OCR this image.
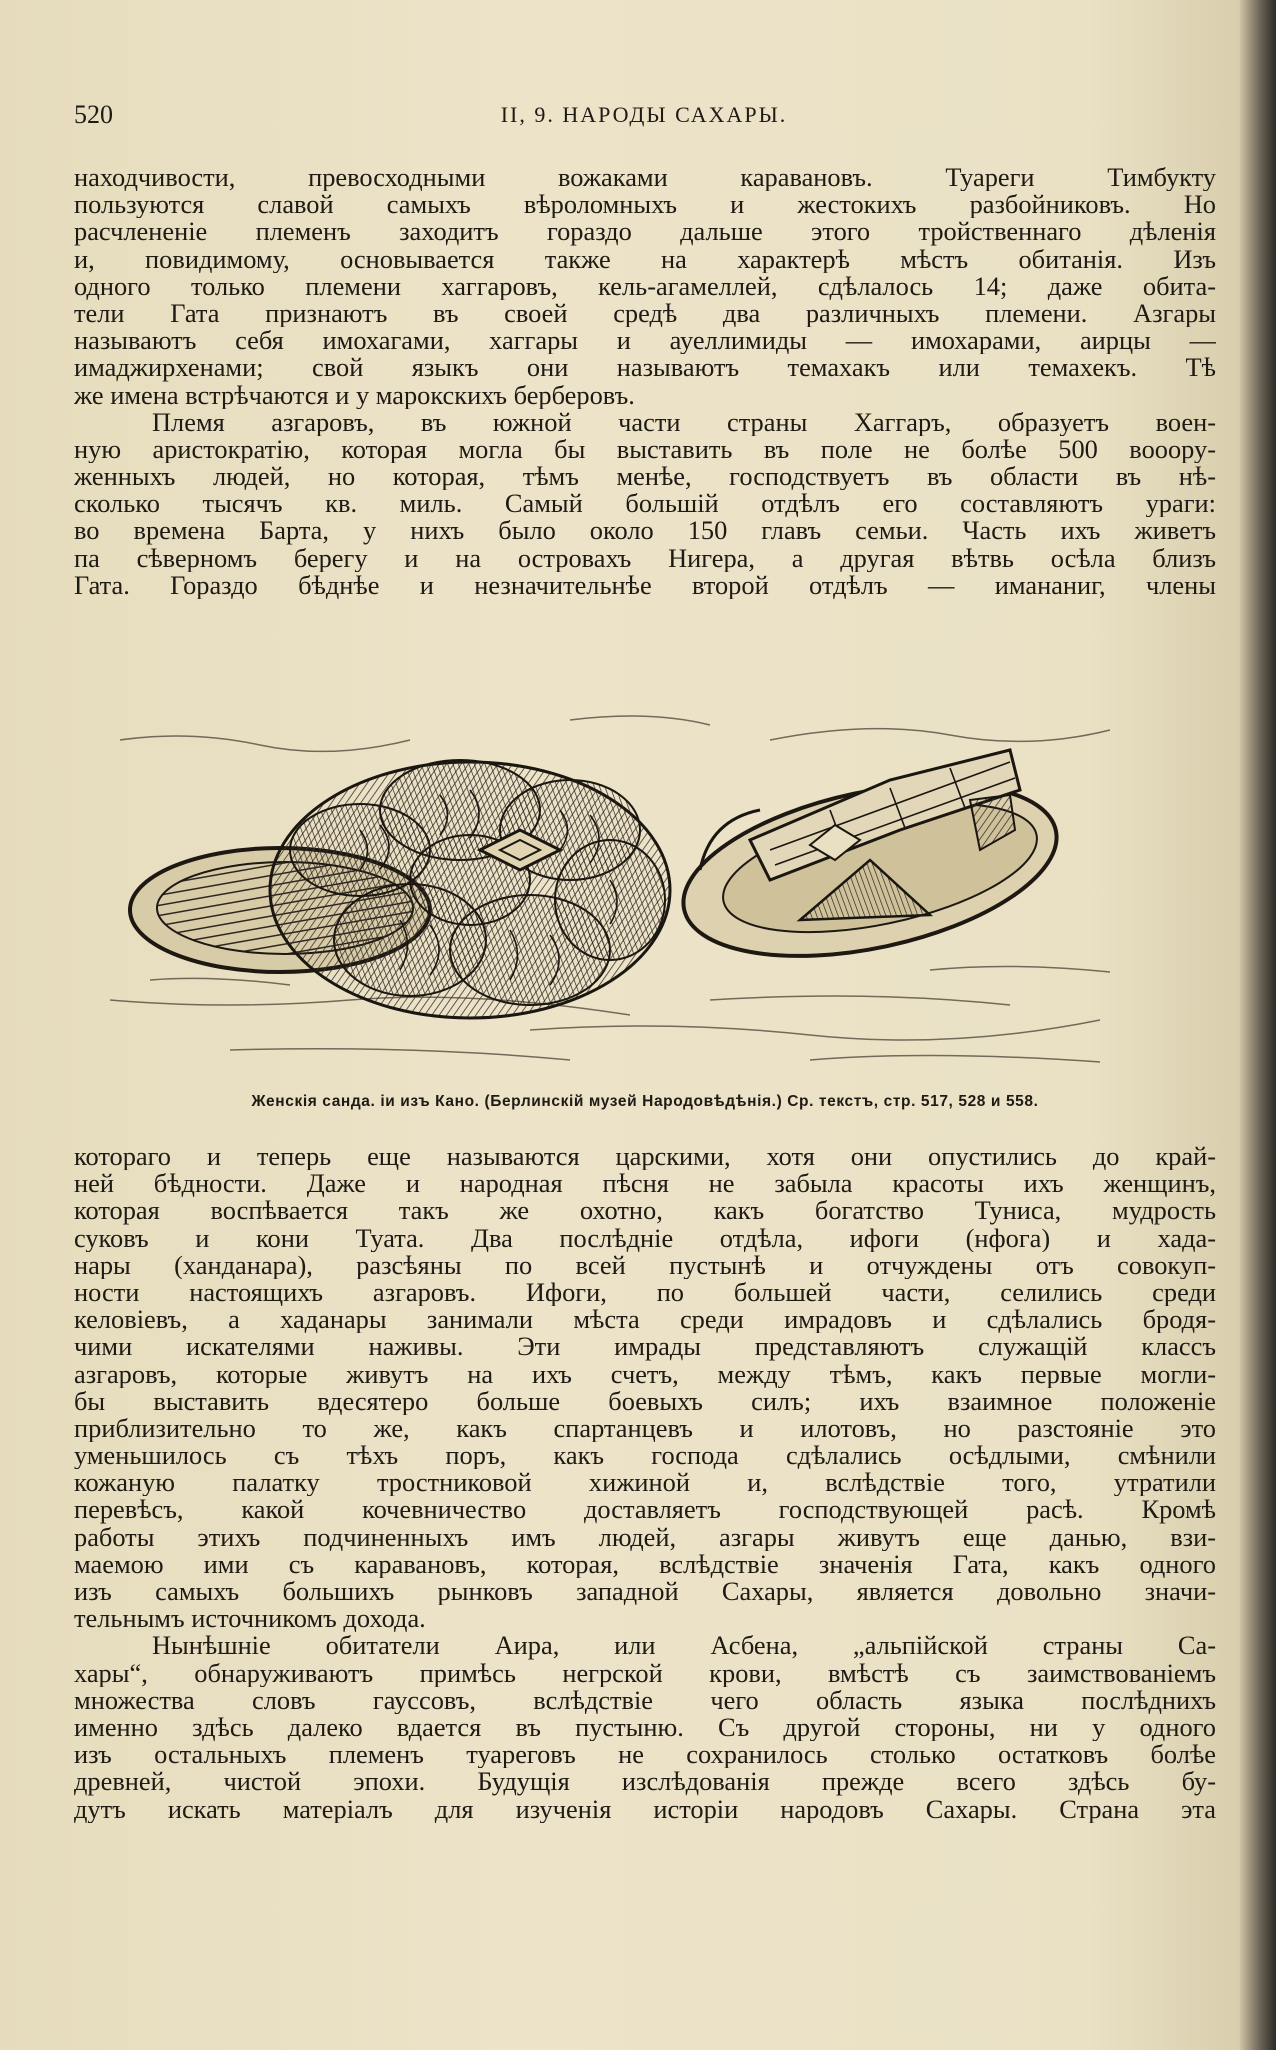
520	II, 9. НАРОДЫ САХАРЫ.
находчивости, превосходными вожаками каравановъ. Туареги Тимбукту
пользуются славой самыхъ вѣроломныхъ и жестокихъ разбойниковъ. Но
расчлененіе племенъ заходитъ гораздо дальше этого тройственнаго дѣленія
и, повидимому, основывается также на характерѣ мѣстъ обитанія. Изъ
одного только племени хаггаровъ, кель-агамеллей, сдѣлалось 14; даже обита-
тели Гата признаютъ въ своей средѣ два различныхъ племени. Азгары
называютъ себя имохагами, хаггары и ауеллимиды — имохарами, аирцы —
имаджирхенами; свой языкъ они называютъ темахакъ или темахекъ. Тѣ
же имена встрѣчаются и у марокскихъ берберовъ.
Племя азгаровъ, въ южной части страны Хаггаръ, образуетъ воен-
ную аристократію, которая могла бы выставить въ поле не болѣе 500 вооору-
женныхъ людей, но которая, тѣмъ менѣе, господствуетъ въ области въ нѣ-
сколько тысячъ кв. миль. Самый большій отдѣлъ его составляютъ ураги:
во времена Барта, у нихъ было около 150 главъ семьи. Часть ихъ живетъ
па сѣверномъ берегу и на островахъ Нигера, а другая вѣтвь осѣла близъ
Гата. Гораздо бѣднѣе и незначительнѣе второй отдѣлъ — имананиг, члены
Женскія санда. іи изъ Кано. (Берлинскій музей Народовѣдѣнія.) Ср. текстъ, стр. 517, 528 и 558.
котораго и теперь еще называются царскими, хотя они опустились до край-
ней бѣдности. Даже и народная пѣсня не забыла красоты ихъ женщинъ,
которая воспѣвается такъ же охотно, какъ богатство Туниса, мудрость
суковъ и кони Туата. Два послѣдніе отдѣла, ифоги (нфога) и хада-
нары (ханданара), разсѣяны по всей пустынѣ и отчуждены отъ совокуп-
ности настоящихъ азгаровъ. Ифоги, по большей части, селились среди
келовіевъ, а хаданары занимали мѣста среди имрадовъ и сдѣлались бродя-
чими искателями наживы. Эти имрады представляютъ служащій классъ
азгаровъ, которые живутъ на ихъ счетъ, между тѣмъ, какъ первые могли-
бы выставить вдесятеро больше боевыхъ силъ; ихъ взаимное положеніе
приблизительно то же, какъ спартанцевъ и илотовъ, но разстояніе это
уменьшилось съ тѣхъ поръ, какъ господа сдѣлались осѣдлыми, смѣнили
кожаную палатку тростниковой хижиной и, вслѣдствіе того, утратили
перевѣсъ, какой кочевничество доставляетъ господствующей расѣ. Кромѣ
работы этихъ подчиненныхъ имъ людей, азгары живутъ еще данью, взи-
маемою ими съ каравановъ, которая, вслѣдствіе значенія Гата, какъ одного
изъ самыхъ большихъ рынковъ западной Сахары, является довольно значи-
тельнымъ источникомъ дохода.
Нынѣшніе обитатели Аира, или Асбена, „альпійской страны Са-
хары“, обнаруживаютъ примѣсь негрской крови, вмѣстѣ съ заимствованіемъ
множества словъ гауссовъ, вслѣдствіе чего область языка послѣднихъ
именно здѣсь далеко вдается въ пустыню. Съ другой стороны, ни у одного
изъ остальныхъ племенъ туареговъ не сохранилось столько остатковъ болѣе
древней, чистой эпохи. Будущія изслѣдованія прежде всего здѣсь бу-
дутъ искать матеріалъ для изученія исторіи народовъ Сахары. Страна эта
